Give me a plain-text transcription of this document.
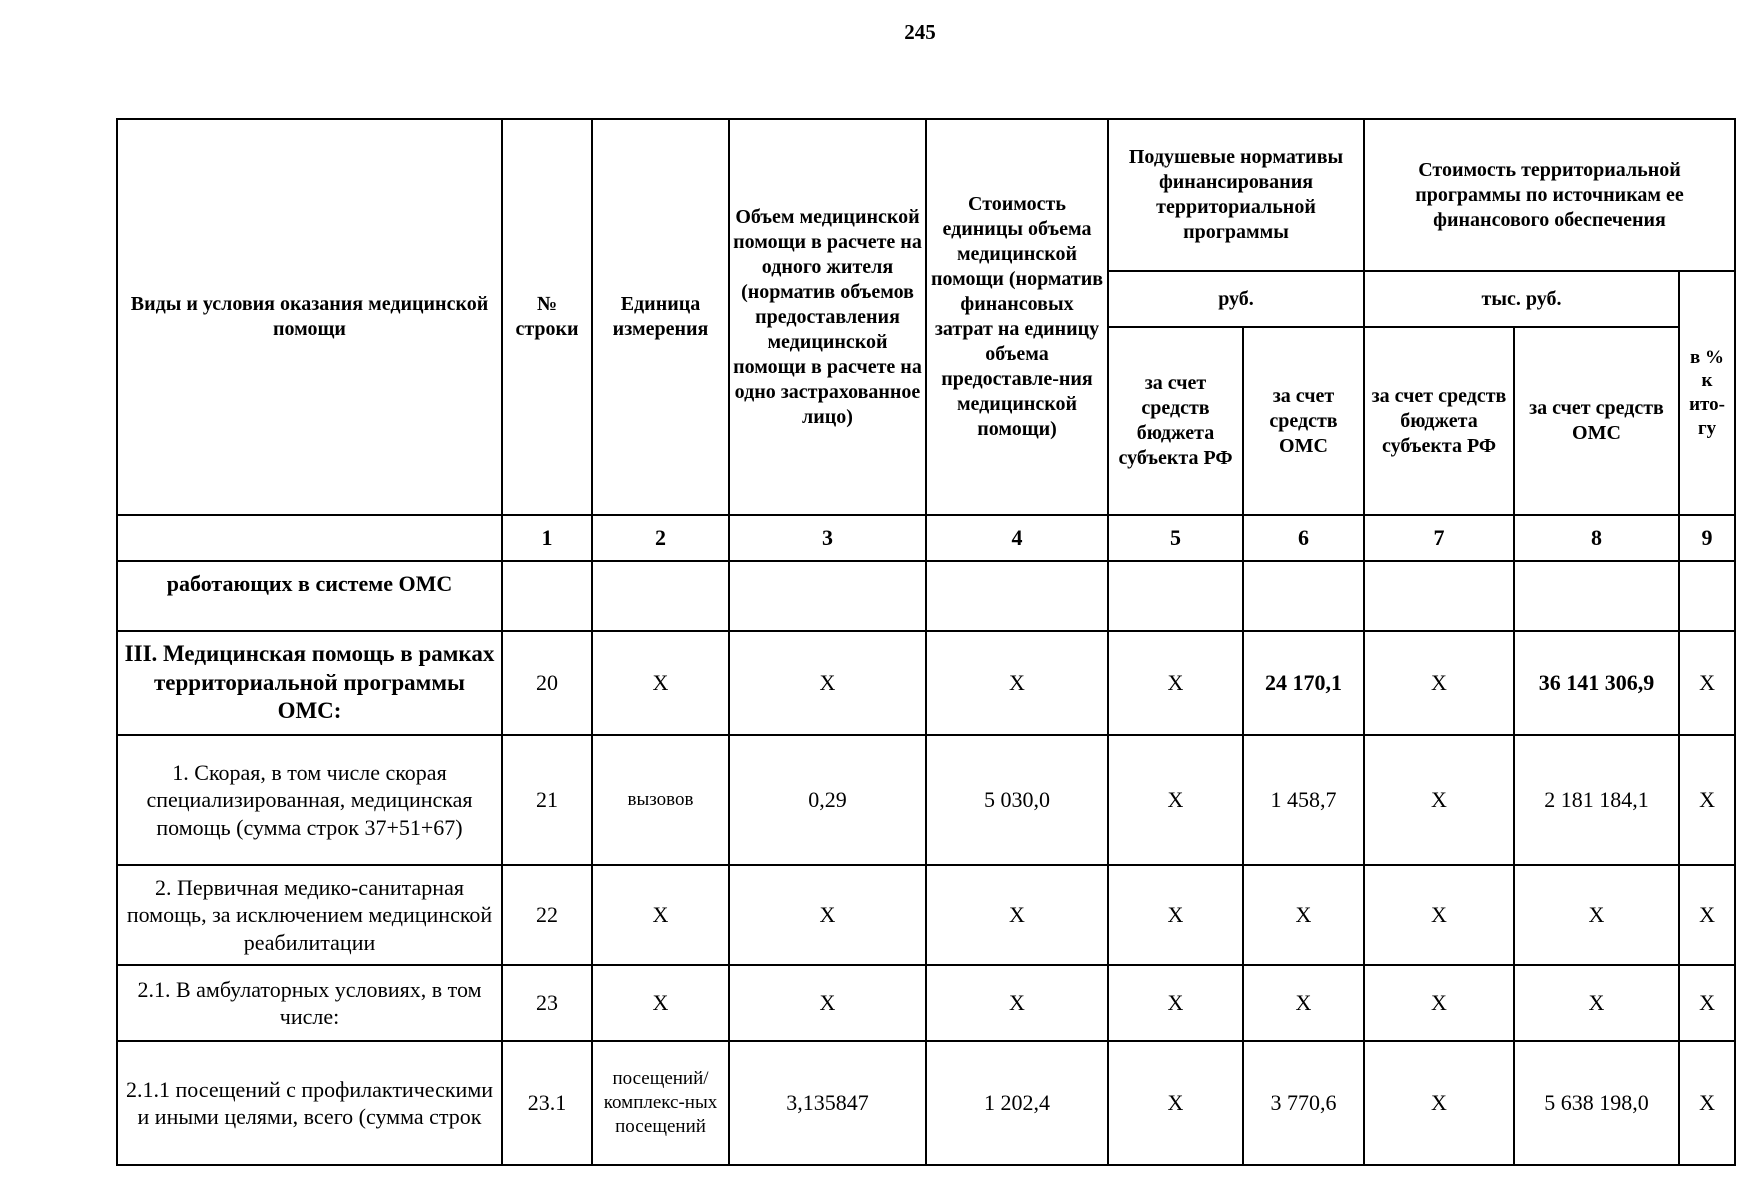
245
Виды и условия оказания медицинской помощи	№ строки	Единица измерения	Объем медицинской помощи в расчете на одного жителя (норматив объемов предоставления медицинской помощи в расчете на одно застрахованное лицо)	Стоимость единицы объема медицинской помощи (норматив финансовых затрат на единицу объема предоставле-ния медицинской помощи)	Подушевые нормативы финансирования территориальной программы		Стоимость территориальной программы по источникам ее финансового обеспечения		
					руб.		тыс. руб.		в % к ито-гу
					за счет средств бюджета субъекта РФ	за счет средств ОМС	за счет средств бюджета субъекта РФ	за счет средств ОМС	
	1	2	3	4	5	6	7	8	9
работающих в системе ОМС									
III. Медицинская помощь в рамках территориальной программы ОМС:	20	X	X	X	X	24 170,1	X	36 141 306,9	X
1. Скорая, в том числе скорая специализированная, медицинская помощь (сумма строк 37+51+67)	21	вызовов	0,29	5 030,0	X	1 458,7	X	2 181 184,1	X
2. Первичная медико-санитарная помощь, за исключением медицинской реабилитации	22	X	X	X	X	X	X	X	X
2.1. В амбулаторных условиях, в том числе:	23	X	X	X	X	X	X	X	X
2.1.1 посещений с профилактическими и иными целями, всего (сумма строк	23.1	посещений/ комплекс-ных посещений	3,135847	1 202,4	X	3 770,6	X	5 638 198,0	X
